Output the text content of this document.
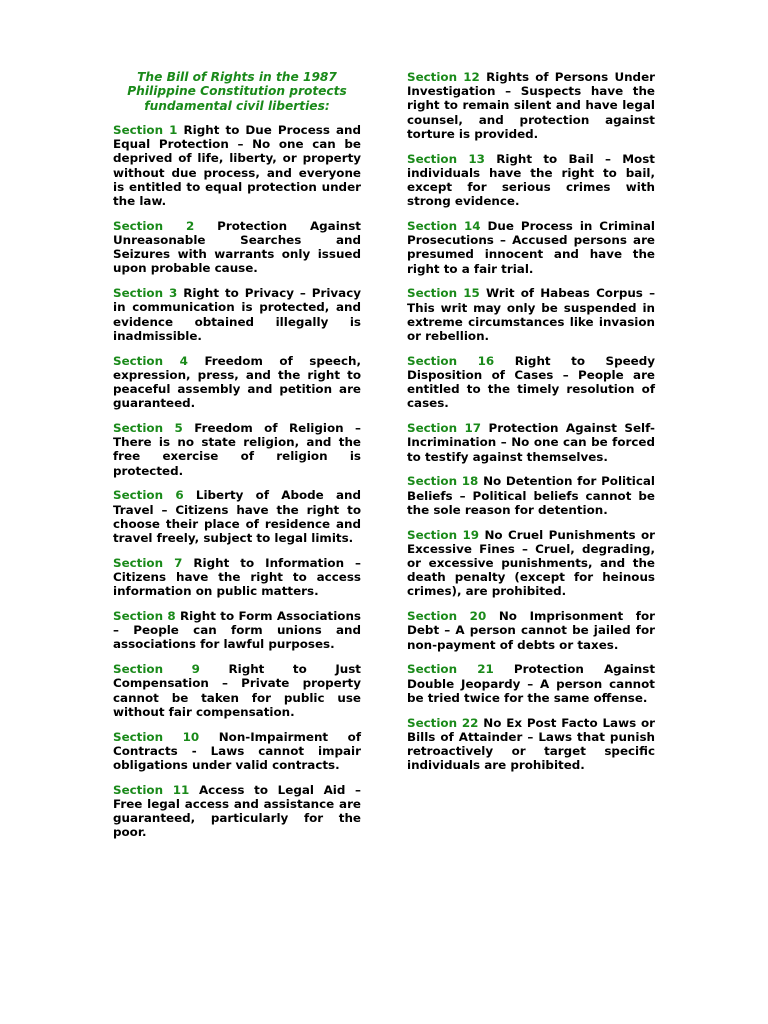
The Bill of Rights in the 1987 Philippine Constitution protects fundamental civil liberties:

Section 1 Right to Due Process and Equal Protection – No one can be deprived of life, liberty, or property without due process, and everyone is entitled to equal protection under the law.

Section 2 Protection Against Unreasonable Searches and Seizures with warrants only issued upon probable cause.

Section 3 Right to Privacy – Privacy in communication is protected, and evidence obtained illegally is inadmissible.

Section 4 Freedom of speech, expression, press, and the right to peaceful assembly and petition are guaranteed.

Section 5 Freedom of Religion – There is no state religion, and the free exercise of religion is protected.

Section 6 Liberty of Abode and Travel – Citizens have the right to choose their place of residence and travel freely, subject to legal limits.

Section 7 Right to Information – Citizens have the right to access information on public matters.

Section 8 Right to Form Associations – People can form unions and associations for lawful purposes.

Section 9 Right to Just Compensation – Private property cannot be taken for public use without fair compensation.

Section 10 Non-Impairment of Contracts - Laws cannot impair obligations under valid contracts.

Section 11 Access to Legal Aid – Free legal access and assistance are guaranteed, particularly for the poor.

Section 12 Rights of Persons Under Investigation – Suspects have the right to remain silent and have legal counsel, and protection against torture is provided.

Section 13 Right to Bail – Most individuals have the right to bail, except for serious crimes with strong evidence.

Section 14 Due Process in Criminal Prosecutions – Accused persons are presumed innocent and have the right to a fair trial.

Section 15 Writ of Habeas Corpus – This writ may only be suspended in extreme circumstances like invasion or rebellion.

Section 16 Right to Speedy Disposition of Cases – People are entitled to the timely resolution of cases.

Section 17 Protection Against Self-Incrimination – No one can be forced to testify against themselves.

Section 18 No Detention for Political Beliefs – Political beliefs cannot be the sole reason for detention.

Section 19 No Cruel Punishments or Excessive Fines – Cruel, degrading, or excessive punishments, and the death penalty (except for heinous crimes), are prohibited.

Section 20 No Imprisonment for Debt – A person cannot be jailed for non-payment of debts or taxes.

Section 21 Protection Against Double Jeopardy – A person cannot be tried twice for the same offense.

Section 22 No Ex Post Facto Laws or Bills of Attainder – Laws that punish retroactively or target specific individuals are prohibited.
